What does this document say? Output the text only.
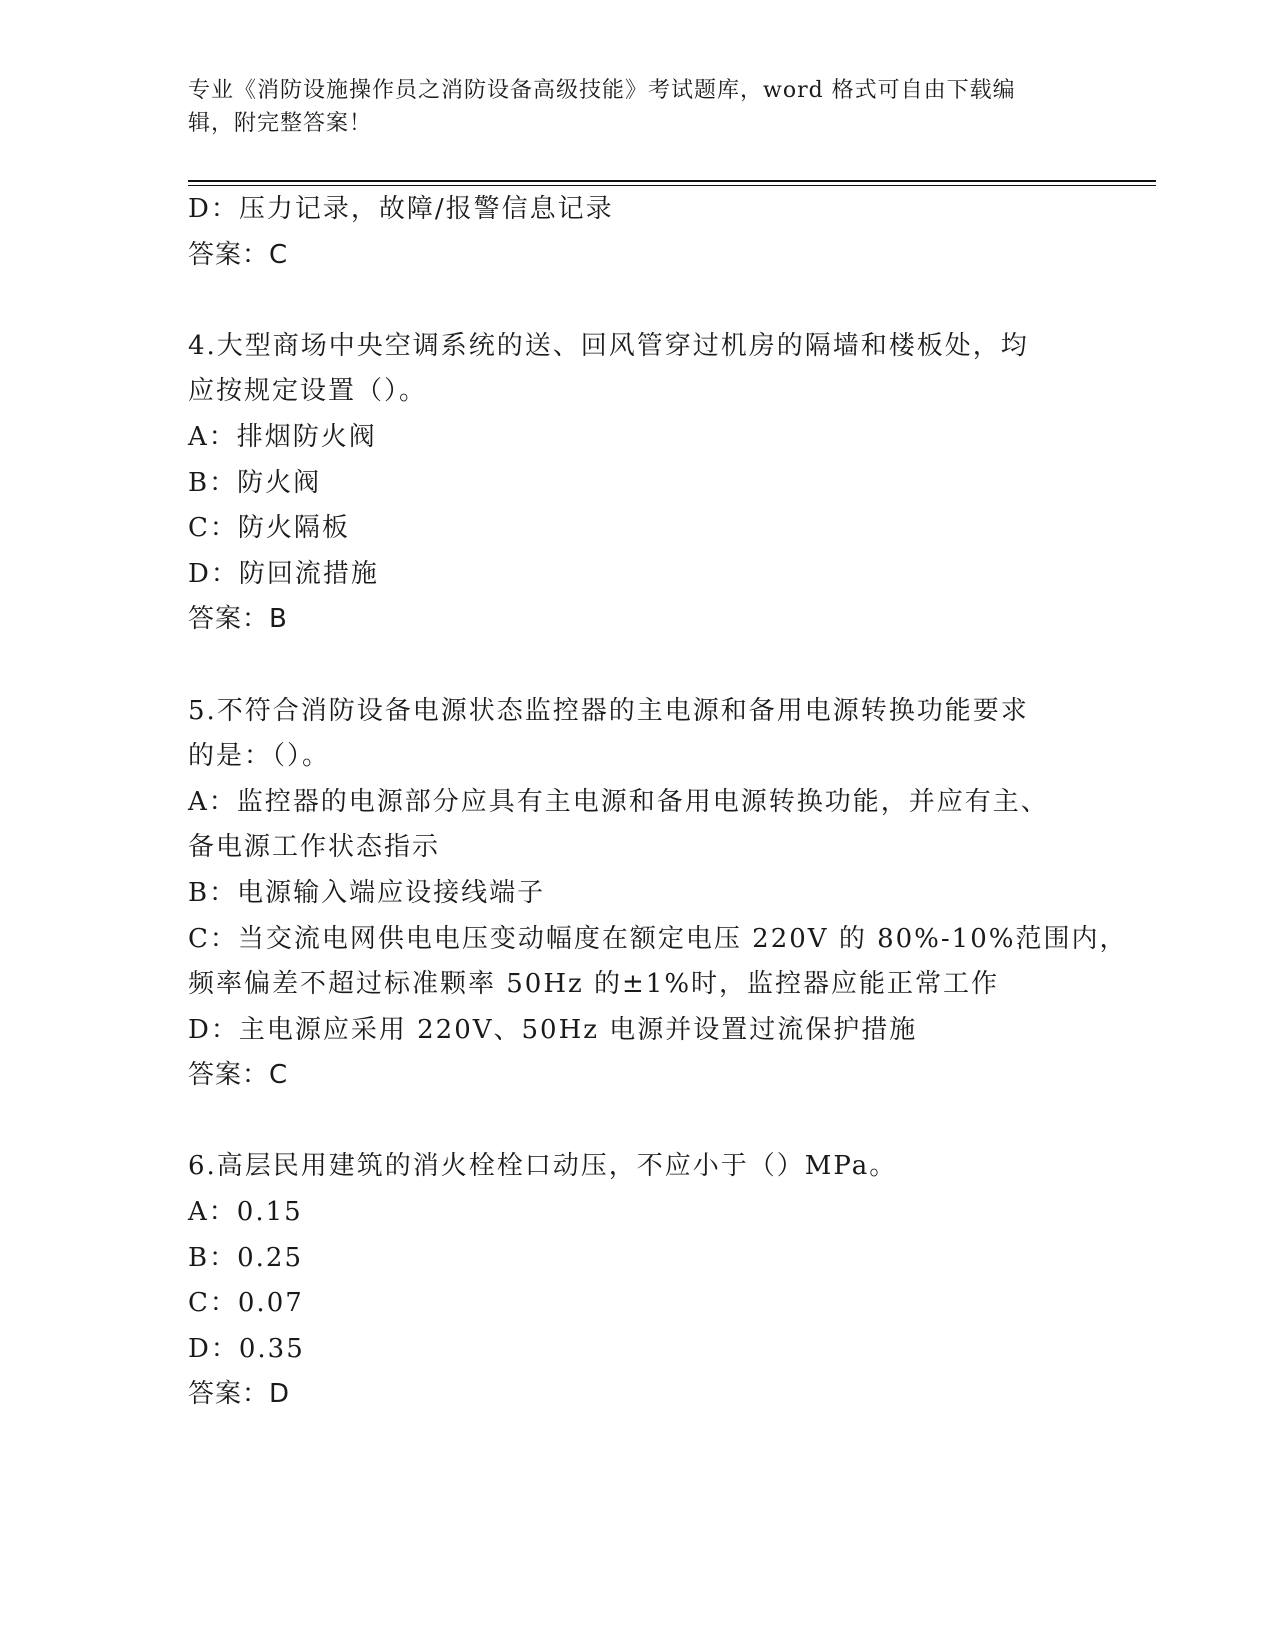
专业《消防设施操作员之消防设备高级技能》考试题库，word 格式可自由下载编
辑，附完整答案！
D：压力记录，故障/报警信息记录
答案：C
4.大型商场中央空调系统的送、回风管穿过机房的隔墙和楼板处，均
应按规定设置（）。
A：排烟防火阀
B：防火阀
C：防火隔板
D：防回流措施
答案：B
5.不符合消防设备电源状态监控器的主电源和备用电源转换功能要求
的是：（）。
A：监控器的电源部分应具有主电源和备用电源转换功能，并应有主、
备电源工作状态指示
B：电源输入端应设接线端子
C：当交流电网供电电压变动幅度在额定电压 220V 的 80%-10%范围内，
频率偏差不超过标准颗率 50Hz 的±1%时，监控器应能正常工作
D：主电源应采用 220V、50Hz 电源并设置过流保护措施
答案：C
6.高层民用建筑的消火栓栓口动压，不应小于（）MPa。
A：0.15
B：0.25
C：0.07
D：0.35
答案：D
